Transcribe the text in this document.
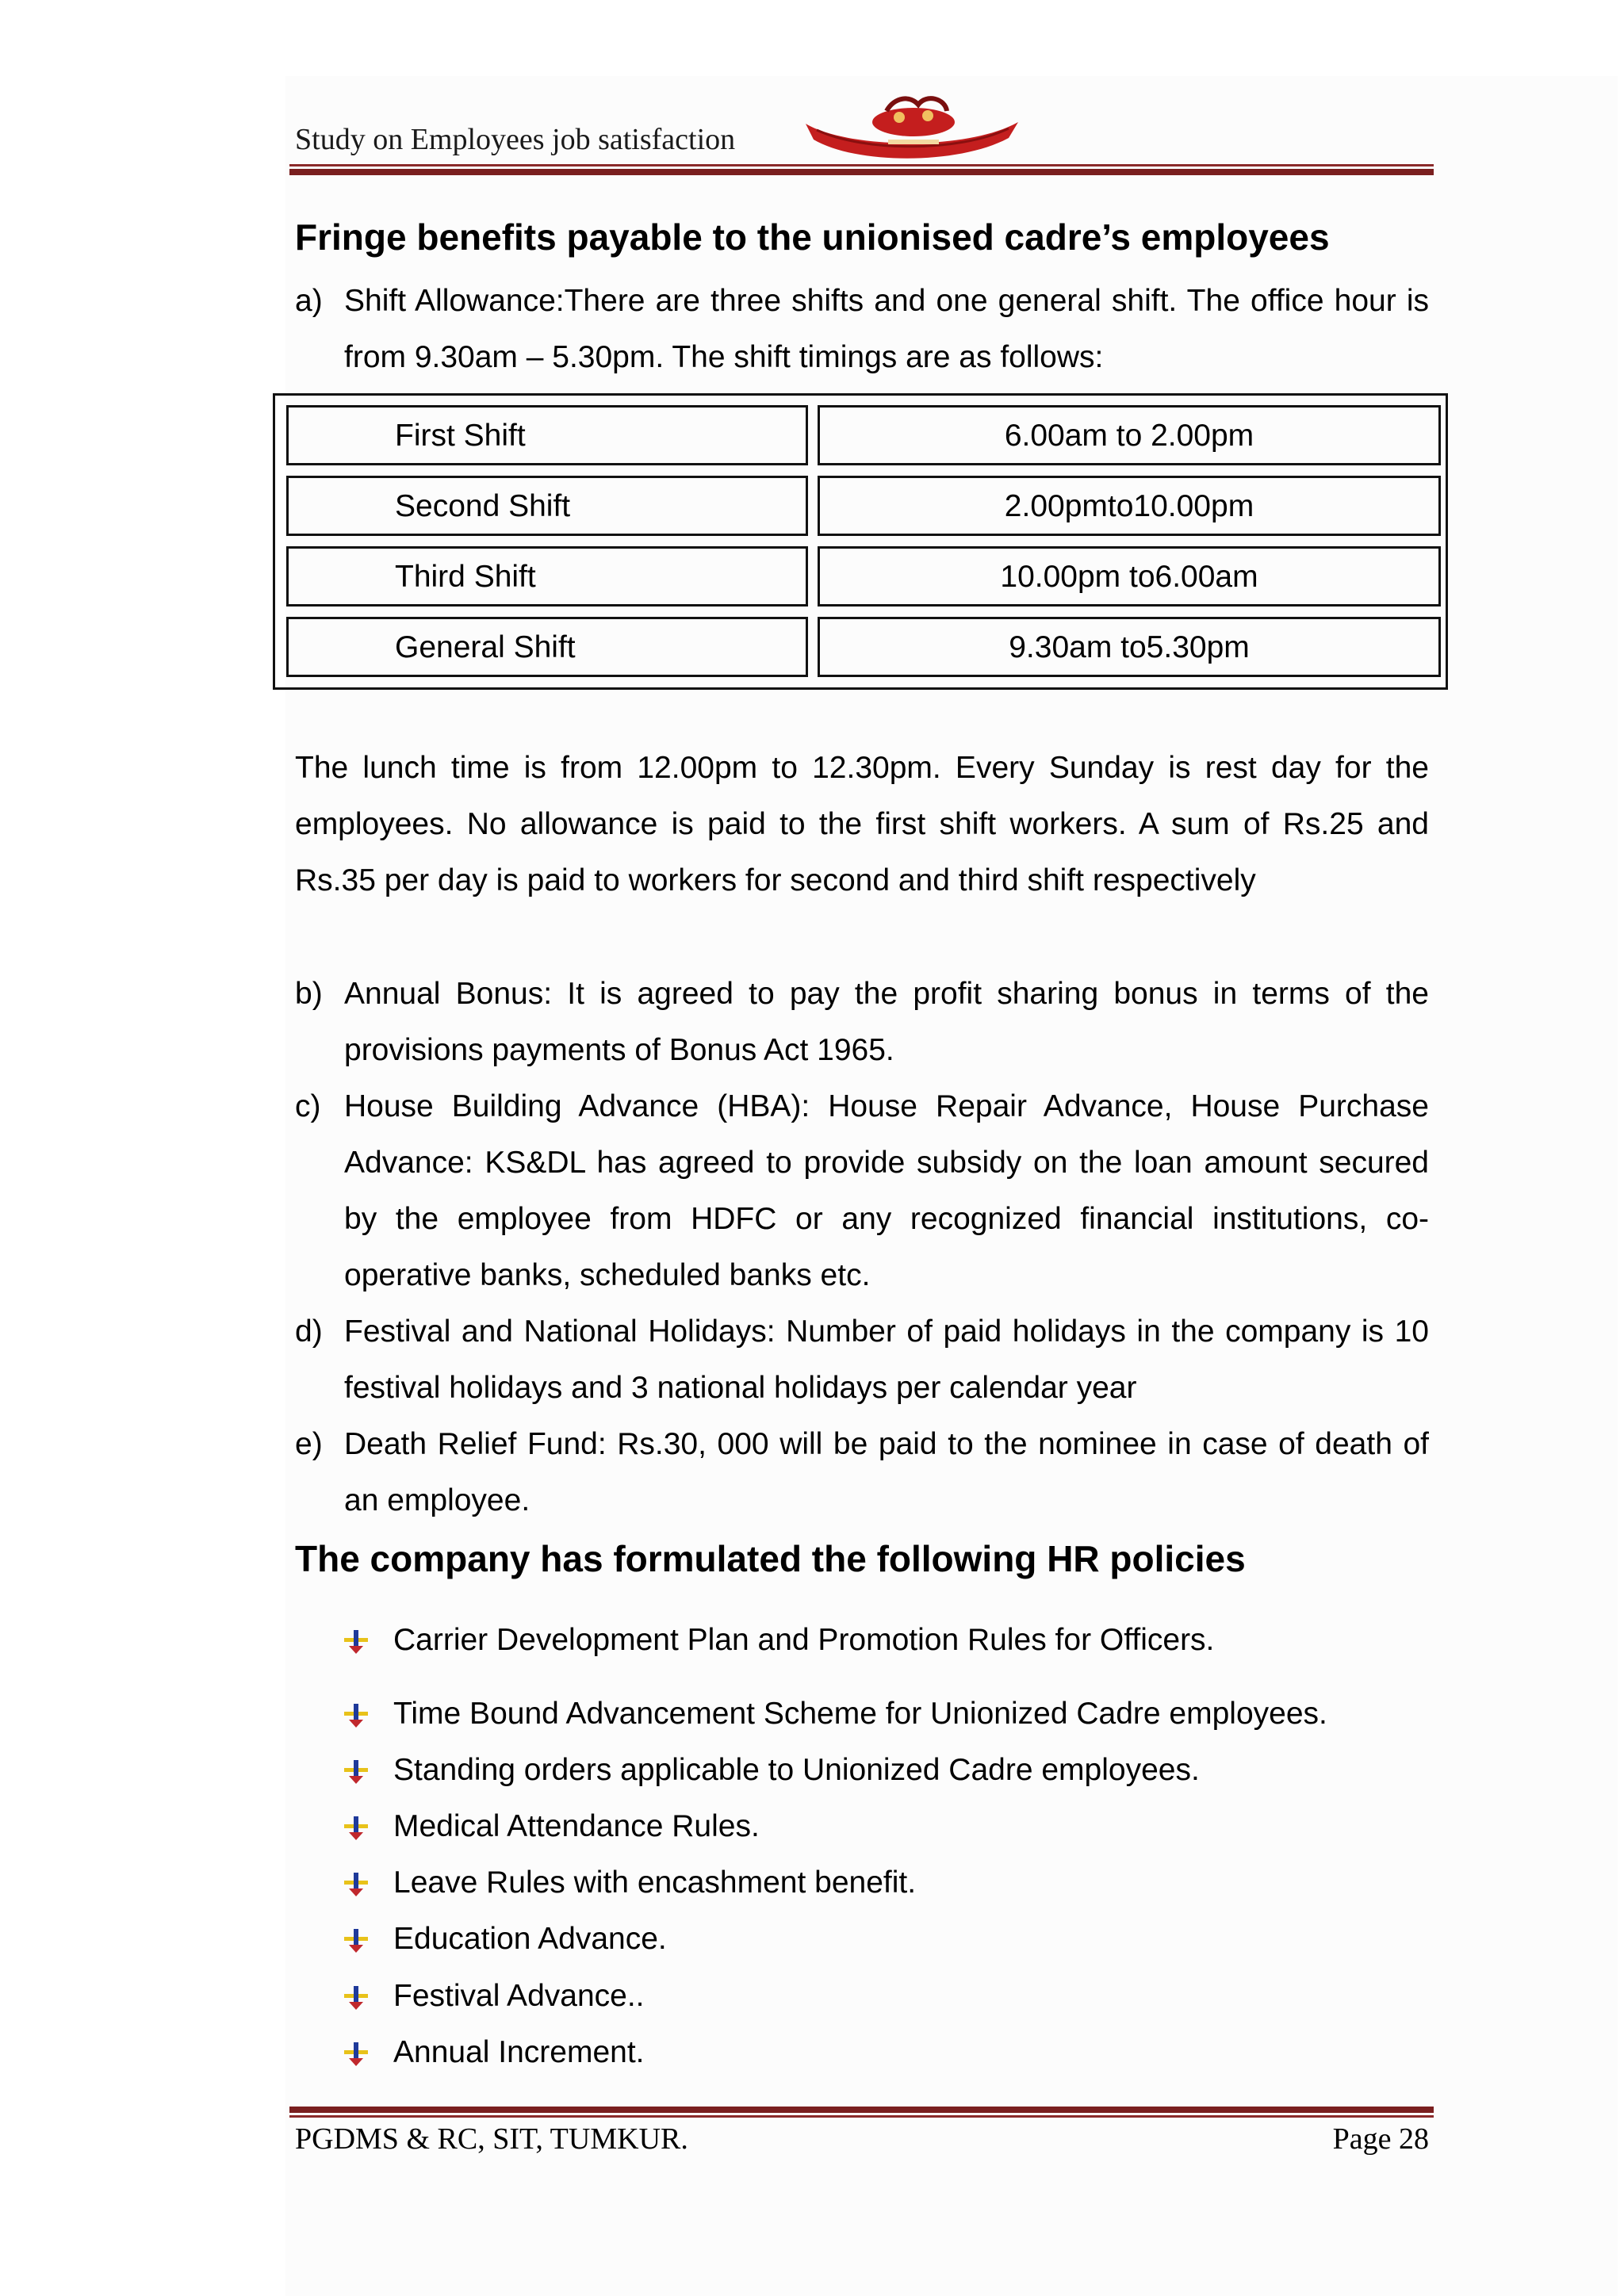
Study on Employees job satisfaction
Fringe benefits payable to the unionised cadre’s employees
a) Shift Allowance:There are three shifts and one general shift. The office hour is from 9.30am – 5.30pm. The shift timings are as follows:
First Shift	6.00am to 2.00pm
Second Shift	2.00pmto10.00pm
Third Shift	10.00pm to6.00am
General Shift	9.30am to5.30pm

The lunch time is from 12.00pm to 12.30pm. Every Sunday is rest day for the employees. No allowance is paid to the first shift workers. A sum of Rs.25 and Rs.35 per day is paid to workers for second and third shift respectively

b) Annual Bonus: It is agreed to pay the profit sharing bonus in terms of the provisions payments of Bonus Act 1965.
c) House Building Advance (HBA): House Repair Advance, House Purchase Advance: KS&DL has agreed to provide subsidy on the loan amount secured by the employee from HDFC or any recognized financial institutions, co-operative banks, scheduled banks etc.
d) Festival and National Holidays: Number of paid holidays in the company is 10 festival holidays and 3 national holidays per calendar year
e) Death Relief Fund: Rs.30, 000 will be paid to the nominee in case of death of an employee.
The company has formulated the following HR policies
Carrier Development Plan and Promotion Rules for Officers.
Time Bound Advancement Scheme for Unionized Cadre employees.
Standing orders applicable to Unionized Cadre employees.
Medical Attendance Rules.
Leave Rules with encashment benefit.
Education Advance.
Festival Advance..
Annual Increment.
PGDMS & RC, SIT, TUMKUR.	Page 28
